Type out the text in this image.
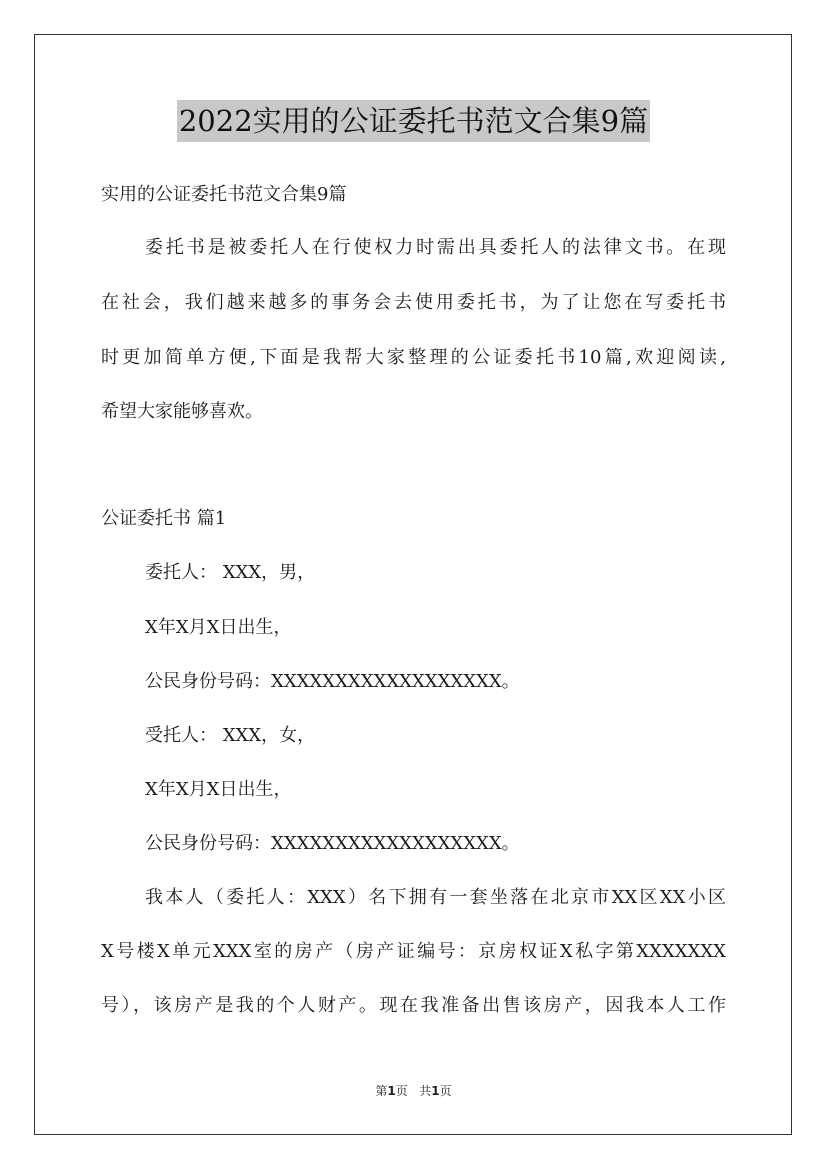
2022实用的公证委托书范文合集9篇
实用的公证委托书范文合集9篇
委托书是被委托人在行使权力时需出具委托人的法律文书。在现
在社会，我们越来越多的事务会去使用委托书，为了让您在写委托书
时更加简单方便,下面是我帮大家整理的公证委托书10篇,欢迎阅读,
希望大家能够喜欢。
公证委托书 篇1
委托人： XXX，男，
X年X月X日出生，
公民身份号码：XXXXXXXXXXXXXXXXXX。
受托人： XXX，女，
X年X月X日出生，
公民身份号码：XXXXXXXXXXXXXXXXXX。
我本人（委托人：XXX）名下拥有一套坐落在北京市XX区XX小区
X号楼X单元XXX室的房产（房产证编号：京房权证X私字第XXXXXXX
号），该房产是我的个人财产。现在我准备出售该房产，因我本人工作
第1页 共1页
